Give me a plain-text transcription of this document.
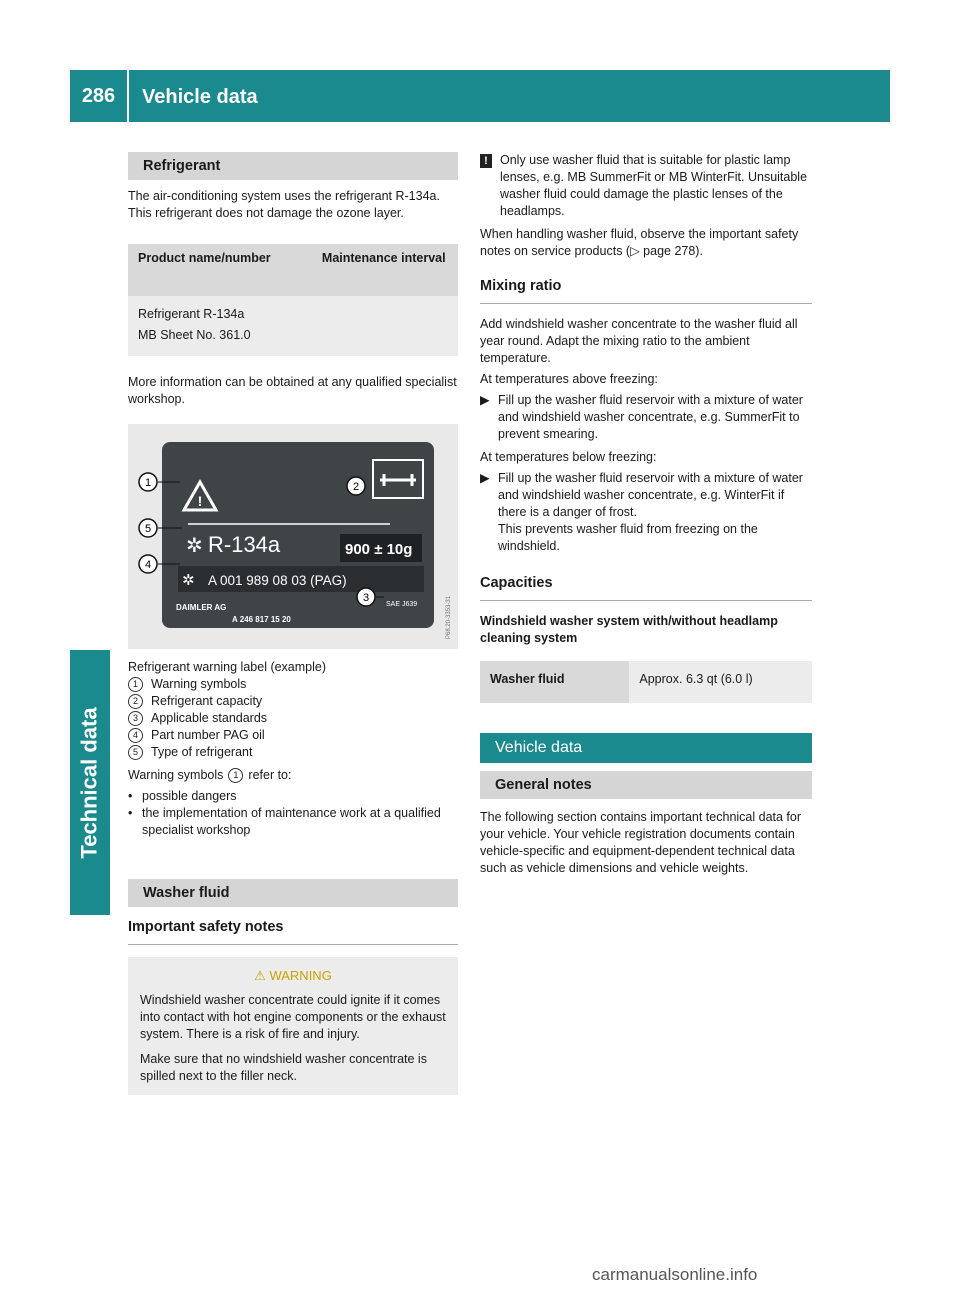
286	Vehicle data
Technical data
Refrigerant

The air-conditioning system uses the refrigerant R-134a. This refrigerant does not damage the ozone layer.

Product name/number	Maintenance interval

Refrigerant R-134a
MB Sheet No. 361.0	

More information can be obtained at any qualified specialist workshop.

!
✲ R-134a	900 ± 10g
✲ A 001 989 08 03 (PAG)
DAIMLER AG
A 246 817 15 20
SAE J639	P68.20-3353-31
1	2
3
4
5
Refrigerant warning label (example)
1	Warning symbols
2	Refrigerant capacity
3	Applicable standards
4	Part number PAG oil
5	Type of refrigerant
Warning symbols	1 refer to:
• possible dangers
• the implementation of maintenance work at a qualified specialist workshop
Washer fluid
Important safety notes
⚠ WARNING

Windshield washer concentrate could ignite if it comes into contact with hot engine components or the exhaust system. There is a risk of fire and injury.

Make sure that no windshield washer concentrate is spilled next to the filler neck.

! Only use washer fluid that is suitable for plastic lamp lenses, e.g. MB SummerFit or MB WinterFit. Unsuitable washer fluid could damage the plastic lenses of the headlamps.

When handling washer fluid, observe the important safety notes on service products (▷ page 278).

Mixing ratio

Add windshield washer concentrate to the washer fluid all year round. Adapt the mixing ratio to the ambient temperature.

At temperatures above freezing:

▶ Fill up the washer fluid reservoir with a mixture of water and windshield washer concentrate, e.g. SummerFit to prevent smearing.

At temperatures below freezing:

▶ Fill up the washer fluid reservoir with a mixture of water and windshield washer concentrate, e.g. WinterFit if there is a danger of frost.
This prevents washer fluid from freezing on the windshield.
Capacities
Windshield washer system with/without headlamp cleaning system
Washer fluid	Approx. 6.3 qt (6.0 l)
Vehicle data
General notes

The following section contains important technical data for your vehicle. Your vehicle registration documents contain vehicle-specific and equipment-dependent technical data such as vehicle dimensions and vehicle weights.

carmanualsonline.info
